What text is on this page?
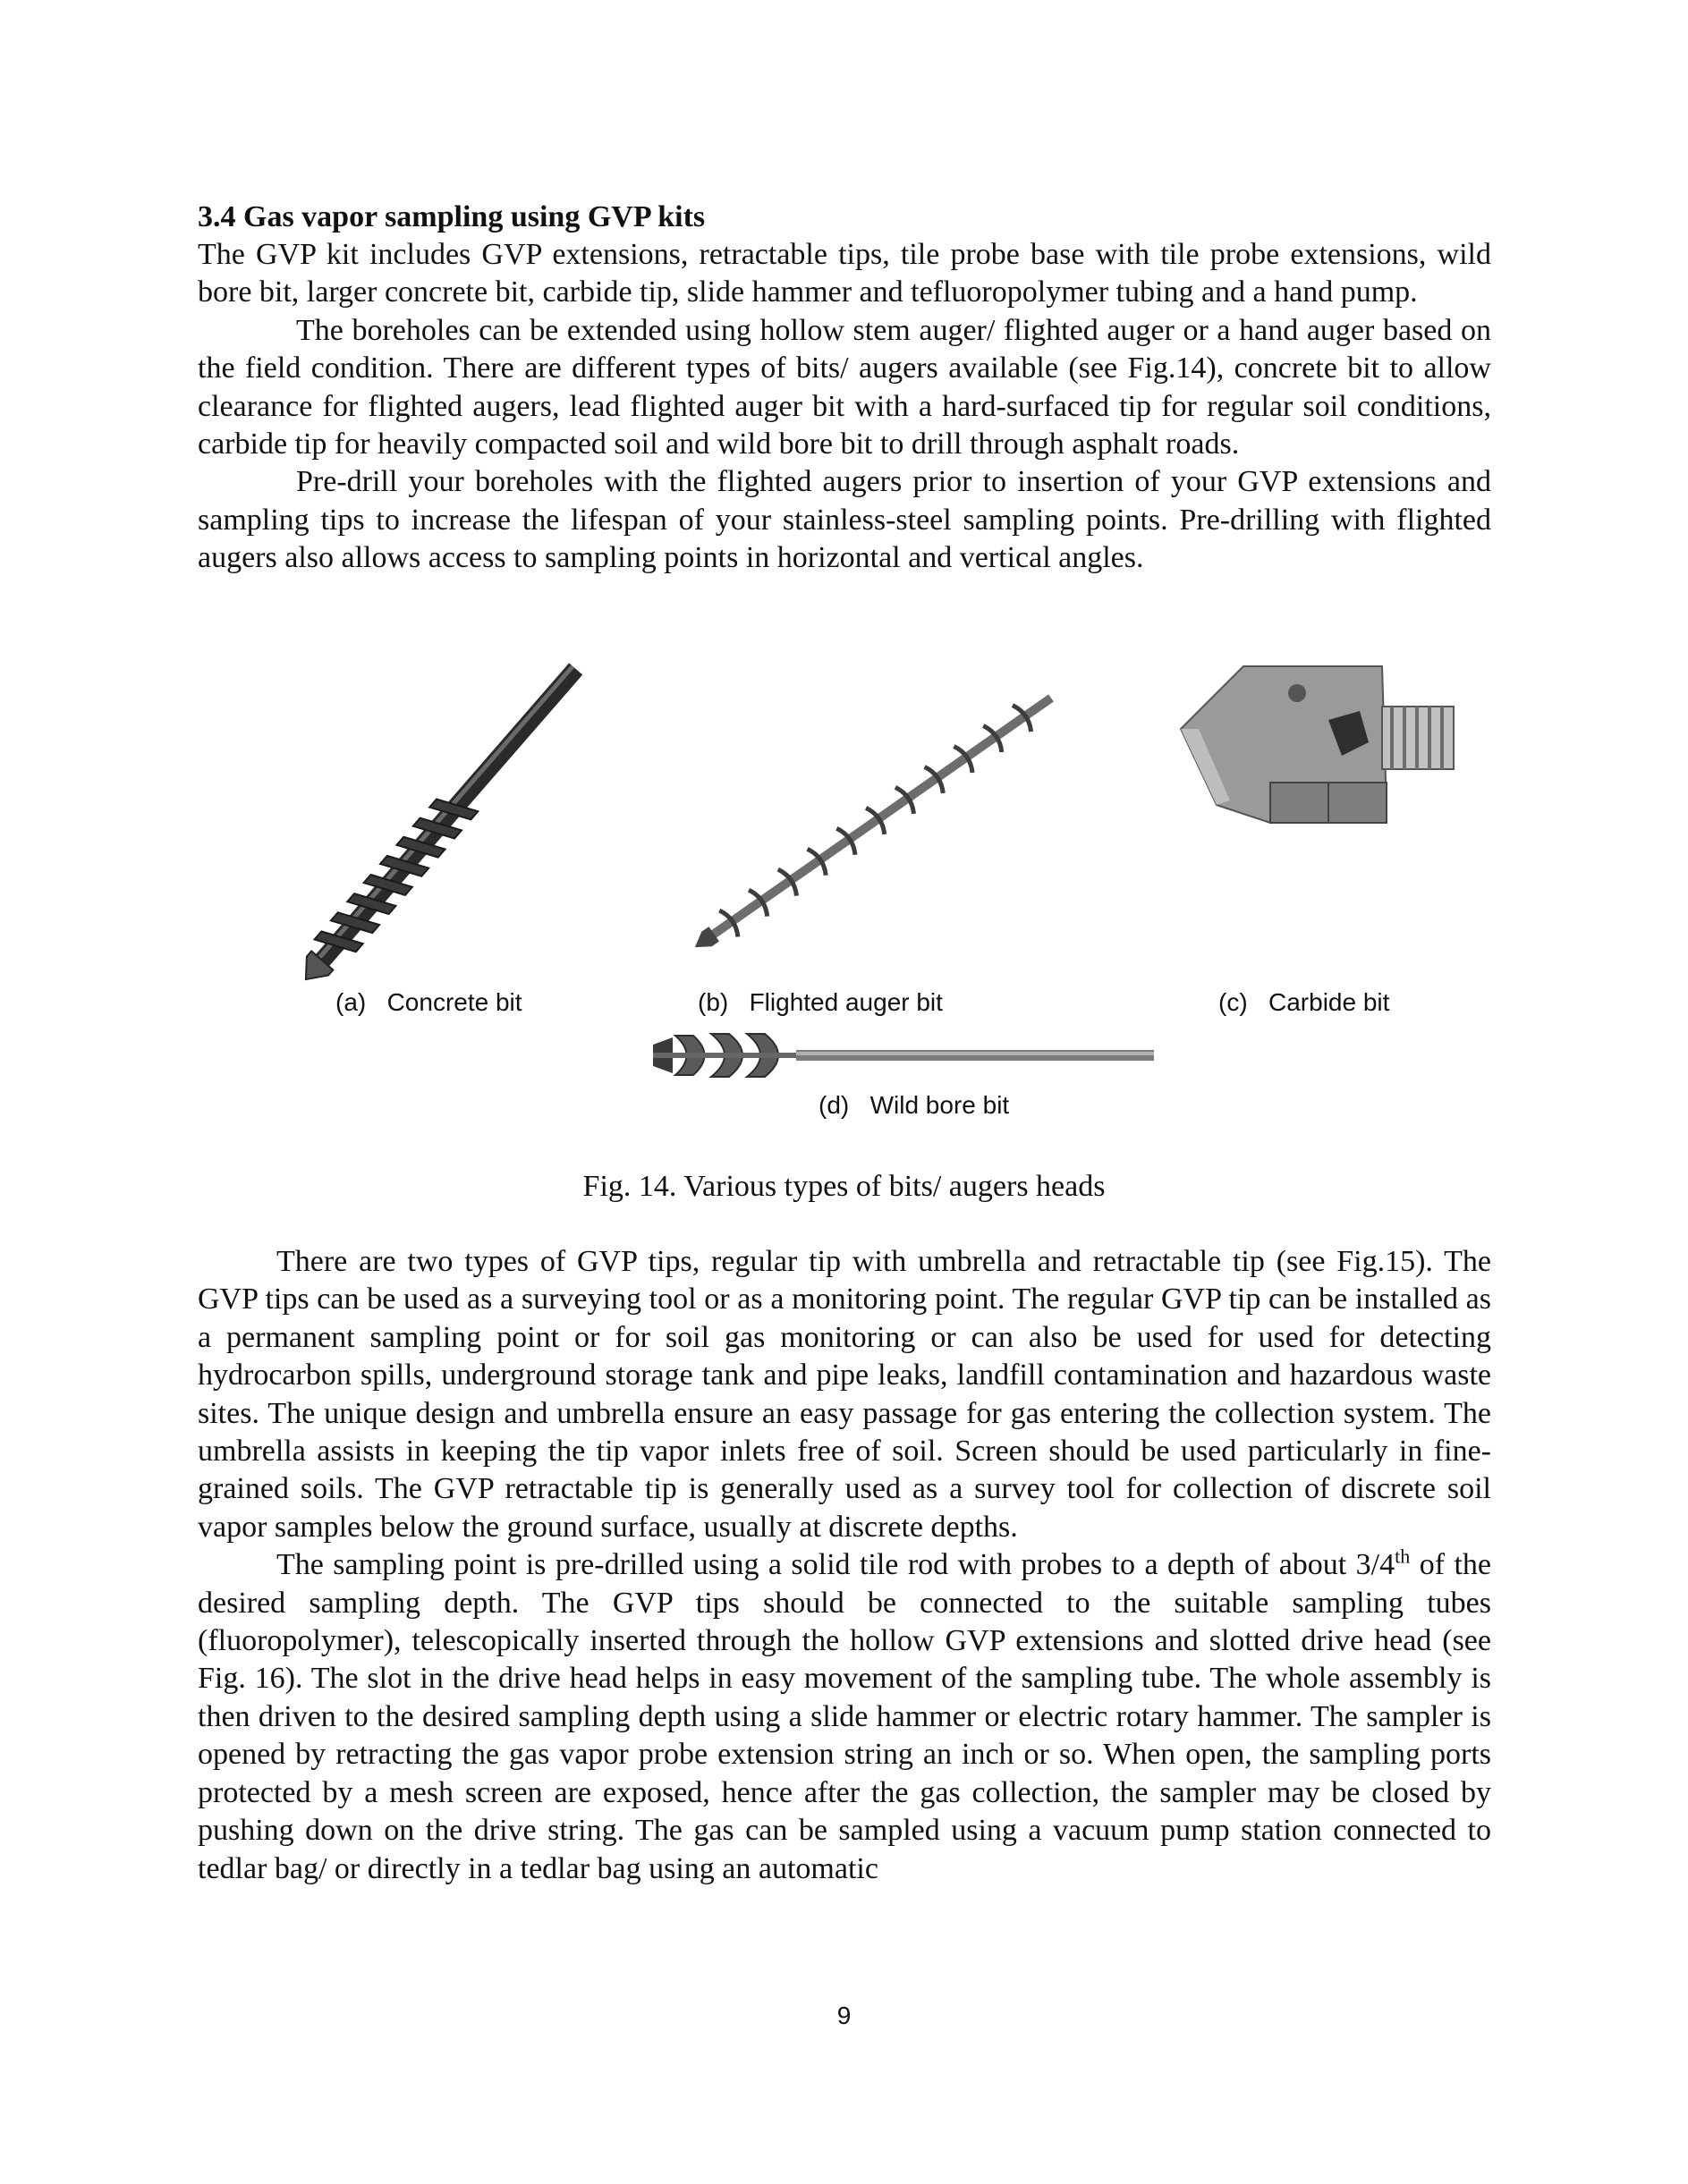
3.4 Gas vapor sampling using GVP kits

The GVP kit includes GVP extensions, retractable tips, tile probe base with tile probe extensions, wild bore bit, larger concrete bit, carbide tip, slide hammer and tefluoropolymer tubing and a hand pump.

The boreholes can be extended using hollow stem auger/ flighted auger or a hand auger based on the field condition. There are different types of bits/ augers available (see Fig.14), concrete bit to allow clearance for flighted augers, lead flighted auger bit with a hard-surfaced tip for regular soil conditions, carbide tip for heavily compacted soil and wild bore bit to drill through asphalt roads.

Pre-drill your boreholes with the flighted augers prior to insertion of your GVP extensions and sampling tips to increase the lifespan of your stainless-steel sampling points. Pre-drilling with flighted augers also allows access to sampling points in horizontal and vertical angles.

(a) Concrete bit	(b) Flighted auger bit	(c) Carbide bit
(d) Wild bore bit
Fig. 14. Various types of bits/ augers heads

There are two types of GVP tips, regular tip with umbrella and retractable tip (see Fig.15). The GVP tips can be used as a surveying tool or as a monitoring point. The regular GVP tip can be installed as a permanent sampling point or for soil gas monitoring or can also be used for used for detecting hydrocarbon spills, underground storage tank and pipe leaks, landfill contamination and hazardous waste sites. The unique design and umbrella ensure an easy passage for gas entering the collection system. The umbrella assists in keeping the tip vapor inlets free of soil. Screen should be used particularly in fine-grained soils. The GVP retractable tip is generally used as a survey tool for collection of discrete soil vapor samples below the ground surface, usually at discrete depths.

The sampling point is pre-drilled using a solid tile rod with probes to a depth of about 3/4th of the desired sampling depth. The GVP tips should be connected to the suitable sampling tubes (fluoropolymer), telescopically inserted through the hollow GVP extensions and slotted drive head (see Fig. 16). The slot in the drive head helps in easy movement of the sampling tube. The whole assembly is then driven to the desired sampling depth using a slide hammer or electric rotary hammer. The sampler is opened by retracting the gas vapor probe extension string an inch or so. When open, the sampling ports protected by a mesh screen are exposed, hence after the gas collection, the sampler may be closed by pushing down on the drive string. The gas can be sampled using a vacuum pump station connected to tedlar bag/ or directly in a tedlar bag using an automatic

9
